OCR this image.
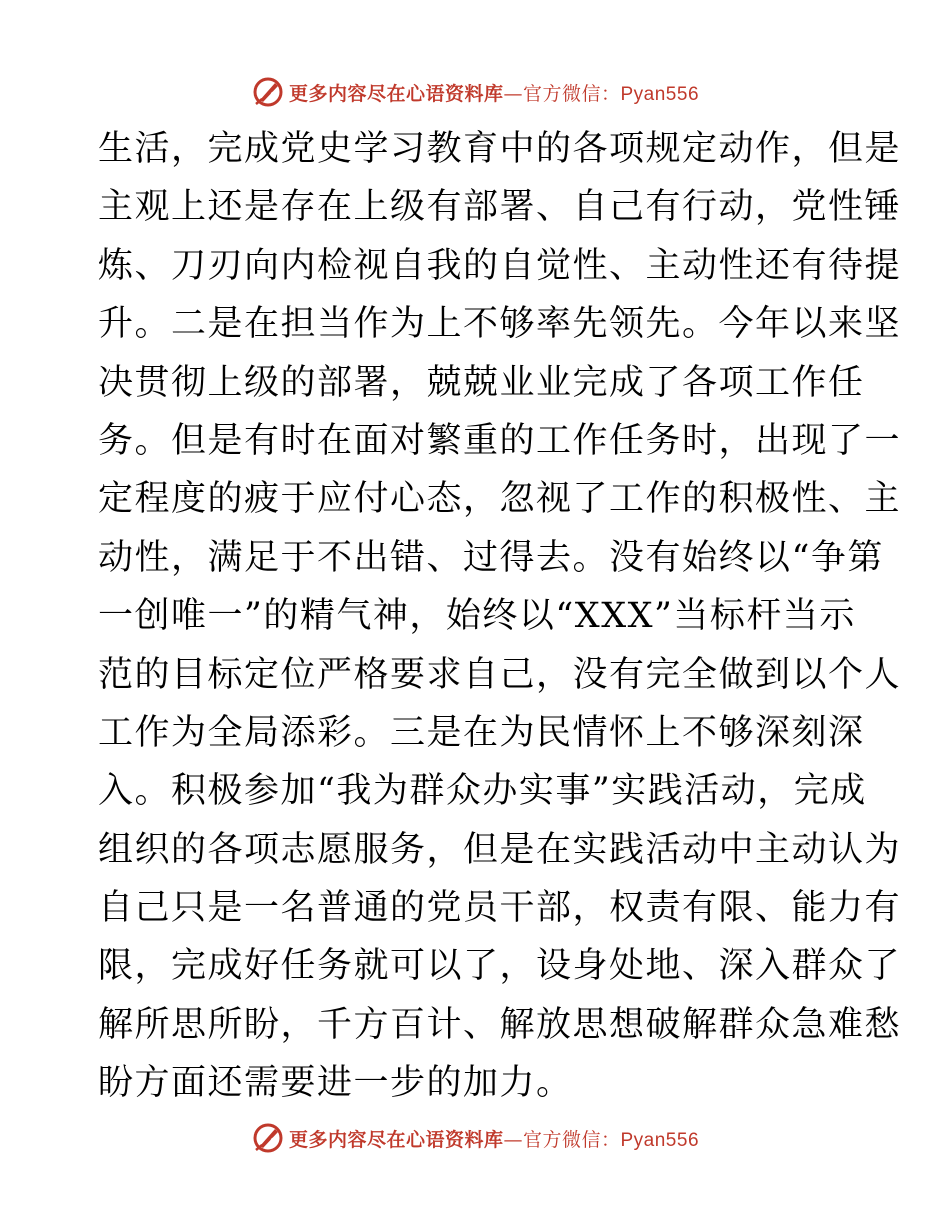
更多内容尽在心语资料库—官方微信：Pyan556
生活，完成党史学习教育中的各项规定动作，但是
主观上还是存在上级有部署、自己有行动，党性锤
炼、刀刃向内检视自我的自觉性、主动性还有待提
升。二是在担当作为上不够率先领先。今年以来坚
决贯彻上级的部署，兢兢业业完成了各项工作任
务。但是有时在面对繁重的工作任务时，出现了一
定程度的疲于应付心态，忽视了工作的积极性、主
动性，满足于不出错、过得去。没有始终以“争第
一创唯一”的精气神，始终以“XXX”当标杆当示
范的目标定位严格要求自己，没有完全做到以个人
工作为全局添彩。三是在为民情怀上不够深刻深
入。积极参加“我为群众办实事”实践活动，完成
组织的各项志愿服务，但是在实践活动中主动认为
自己只是一名普通的党员干部，权责有限、能力有
限，完成好任务就可以了，设身处地、深入群众了
解所思所盼，千方百计、解放思想破解群众急难愁
盼方面还需要进一步的加力。
更多内容尽在心语资料库—官方微信：Pyan556
